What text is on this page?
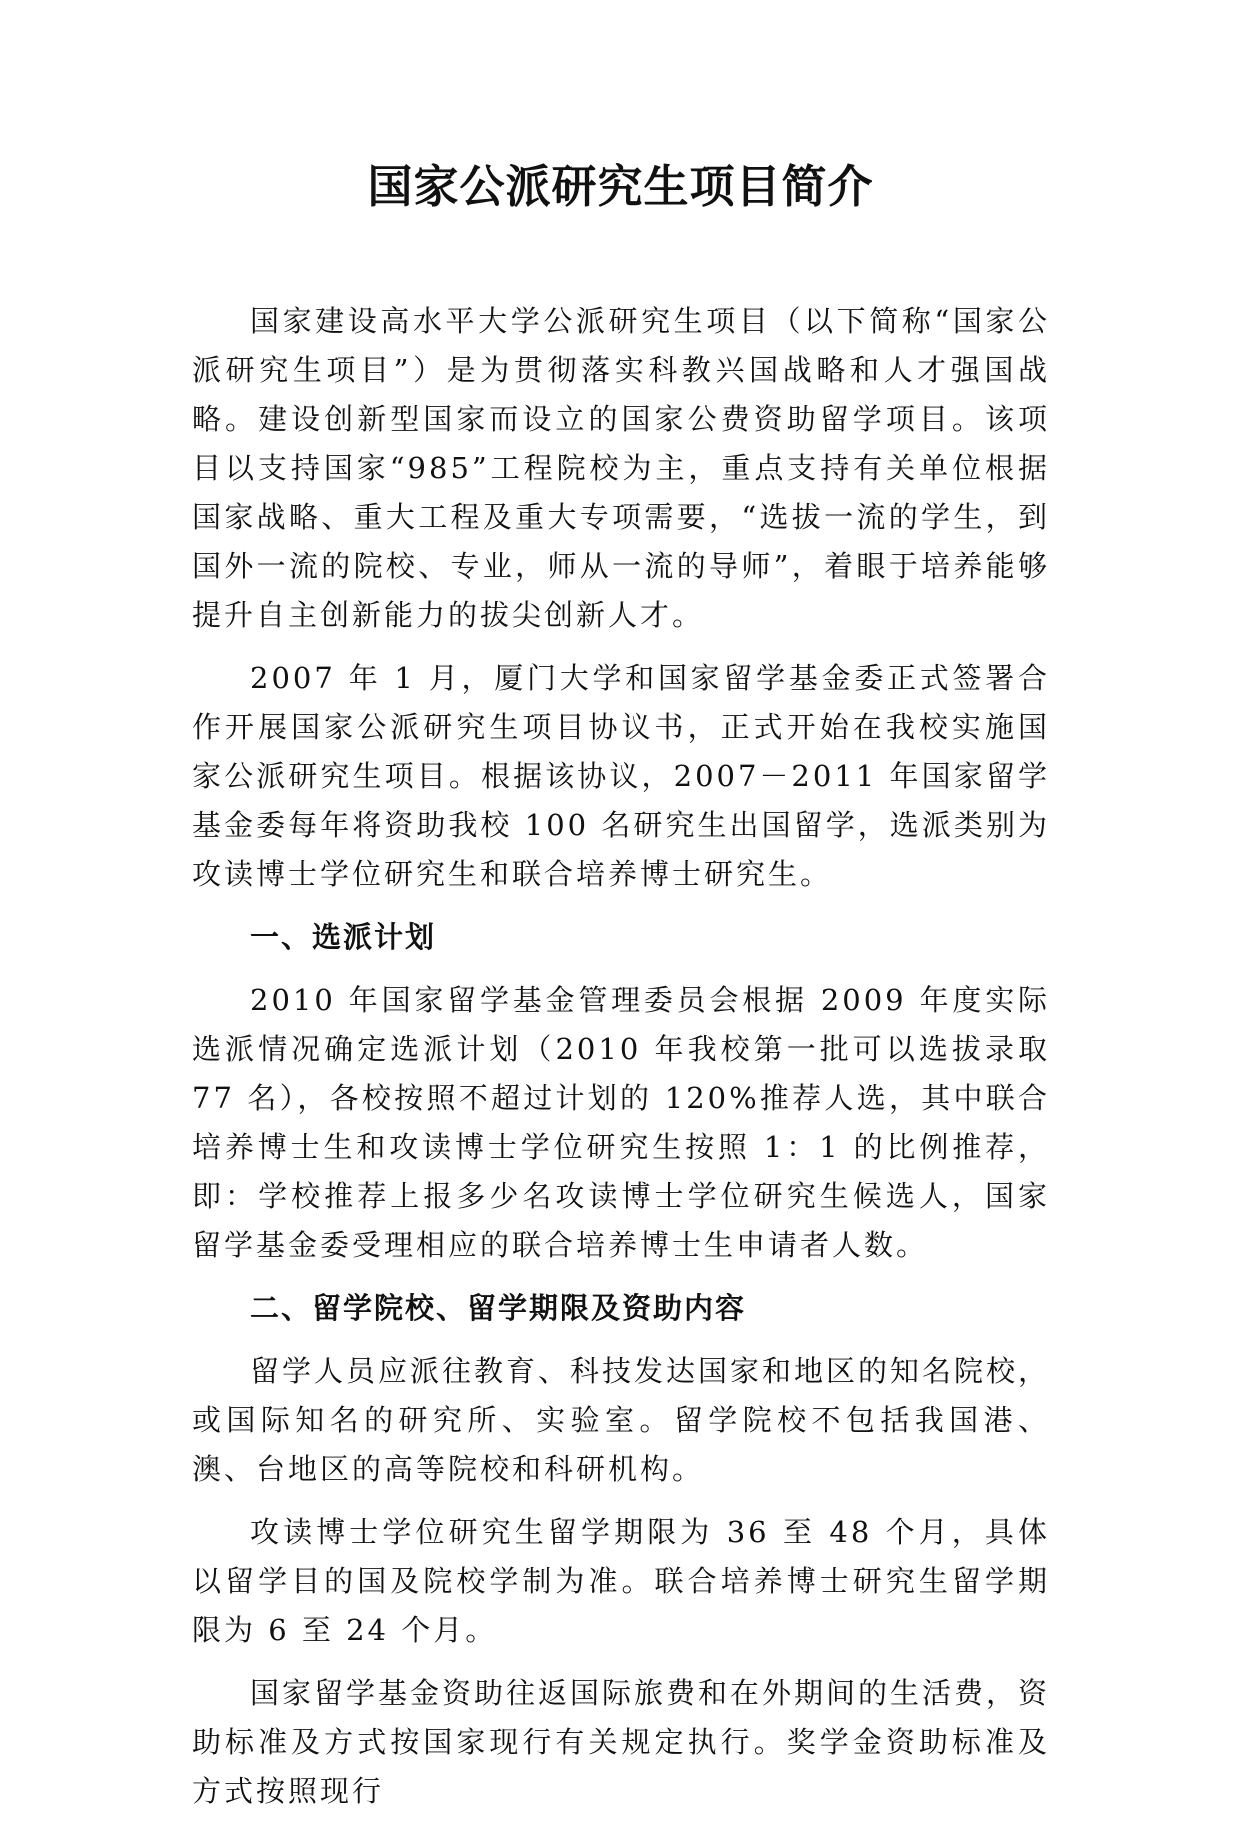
国家公派研究生项目简介

国家建设高水平大学公派研究生项目（以下简称“国家公派研究生项目”）是为贯彻落实科教兴国战略和人才强国战略。建设创新型国家而设立的国家公费资助留学项目。该项目以支持国家“985”工程院校为主，重点支持有关单位根据国家战略、重大工程及重大专项需要，“选拔一流的学生，到国外一流的院校、专业，师从一流的导师”，着眼于培养能够提升自主创新能力的拔尖创新人才。

2007 年 1 月，厦门大学和国家留学基金委正式签署合作开展国家公派研究生项目协议书，正式开始在我校实施国家公派研究生项目。根据该协议，2007－2011 年国家留学基金委每年将资助我校 100 名研究生出国留学，选派类别为攻读博士学位研究生和联合培养博士研究生。

一、选派计划

2010 年国家留学基金管理委员会根据 2009 年度实际选派情况确定选派计划（2010 年我校第一批可以选拔录取 77 名），各校按照不超过计划的 120%推荐人选，其中联合培养博士生和攻读博士学位研究生按照 1：1 的比例推荐，即：学校推荐上报多少名攻读博士学位研究生候选人，国家留学基金委受理相应的联合培养博士生申请者人数。

二、留学院校、留学期限及资助内容

留学人员应派往教育、科技发达国家和地区的知名院校，或国际知名的研究所、实验室。留学院校不包括我国港、澳、台地区的高等院校和科研机构。

攻读博士学位研究生留学期限为 36 至 48 个月，具体以留学目的国及院校学制为准。联合培养博士研究生留学期限为 6 至 24 个月。

国家留学基金资助往返国际旅费和在外期间的生活费，资助标准及方式按国家现行有关规定执行。奖学金资助标准及方式按照现行
